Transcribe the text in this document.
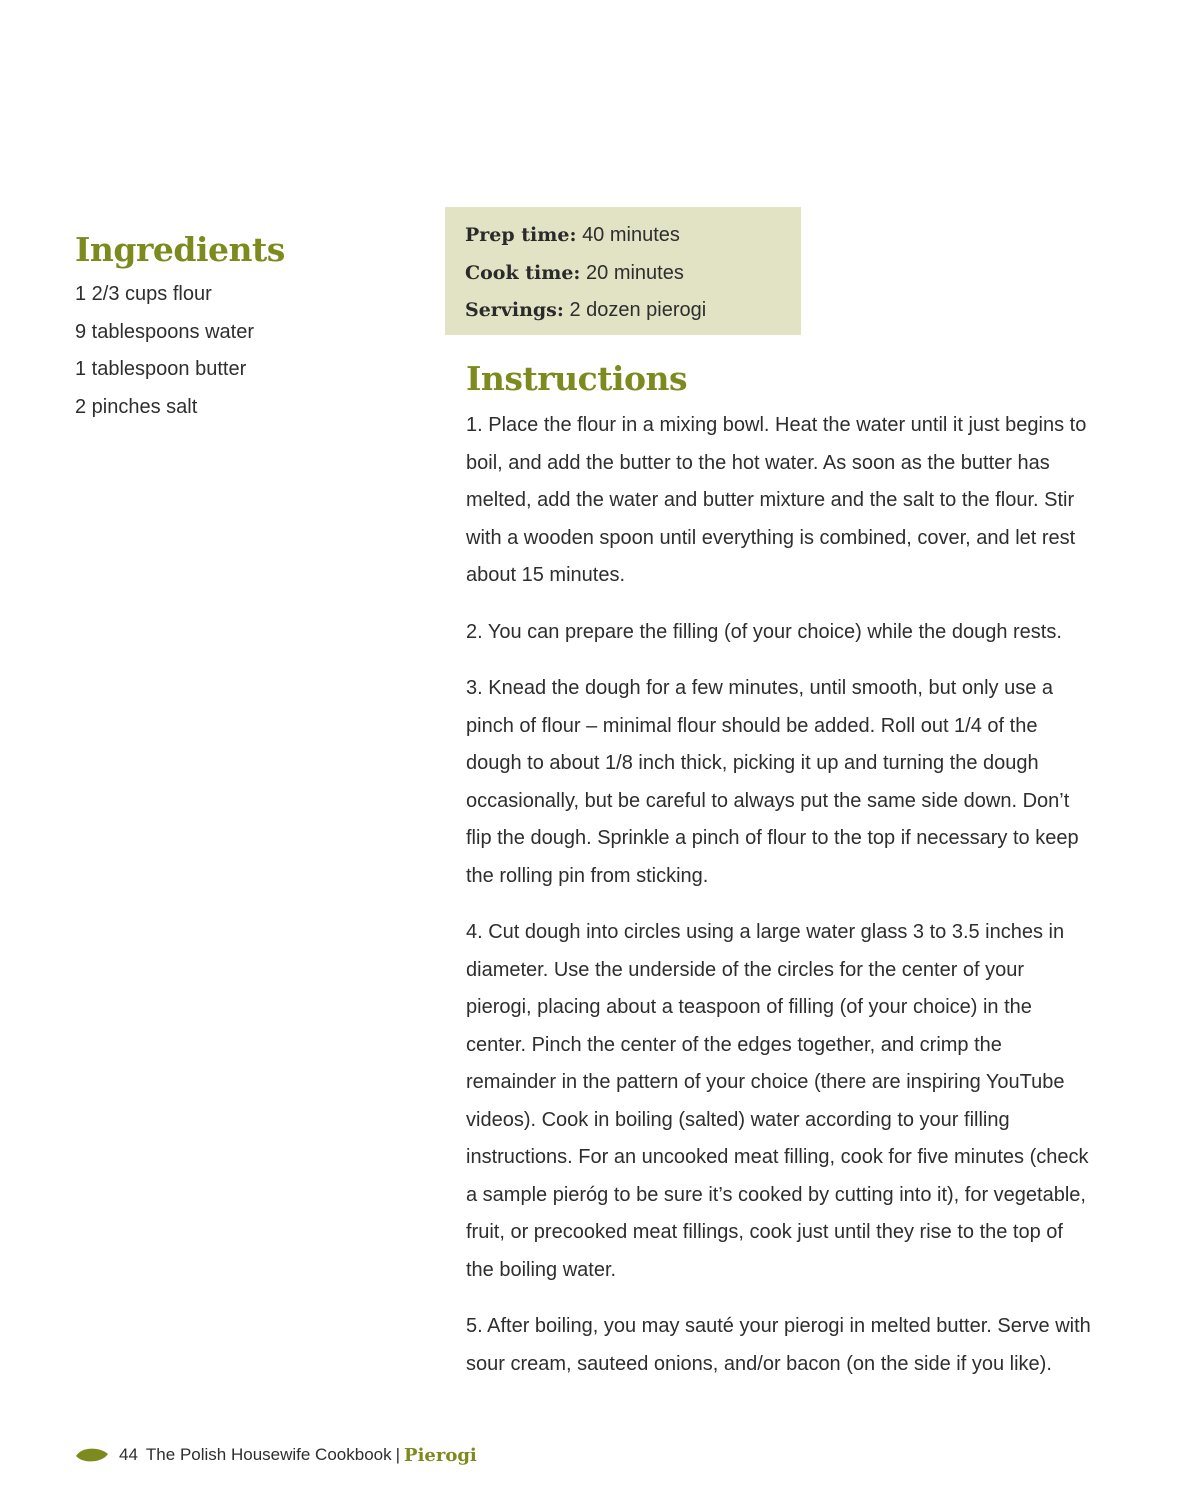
Ingredients
1 2/3 cups flour
9 tablespoons water
1 tablespoon butter
2 pinches salt
Prep time: 40 minutes
Cook time: 20 minutes
Servings: 2 dozen pierogi
Instructions

1. Place the flour in a mixing bowl. Heat the water until it just begins to boil, and add the butter to the hot water. As soon as the butter has melted, add the water and butter mixture and the salt to the flour. Stir with a wooden spoon until everything is combined, cover, and let rest about 15 minutes.

2. You can prepare the filling (of your choice) while the dough rests.

3. Knead the dough for a few minutes, until smooth, but only use a pinch of flour – minimal flour should be added. Roll out 1/4 of the dough to about 1/8 inch thick, picking it up and turning the dough occasionally, but be careful to always put the same side down. Don’t flip the dough. Sprinkle a pinch of flour to the top if necessary to keep the rolling pin from sticking.

4. Cut dough into circles using a large water glass 3 to 3.5 inches in diameter. Use the underside of the circles for the center of your pierogi, placing about a teaspoon of filling (of your choice) in the center. Pinch the center of the edges together, and crimp the remainder in the pattern of your choice (there are inspiring YouTube videos). Cook in boiling (salted) water according to your filling instructions. For an uncooked meat filling, cook for five minutes (check a sample pieróg to be sure it’s cooked by cutting into it), for vegetable, fruit, or precooked meat fillings, cook just until they rise to the top of the boiling water.

5. After boiling, you may sauté your pierogi in melted butter. Serve with sour cream, sauteed onions, and/or bacon (on the side if you like).

44 The Polish Housewife Cookbook | Pierogi
